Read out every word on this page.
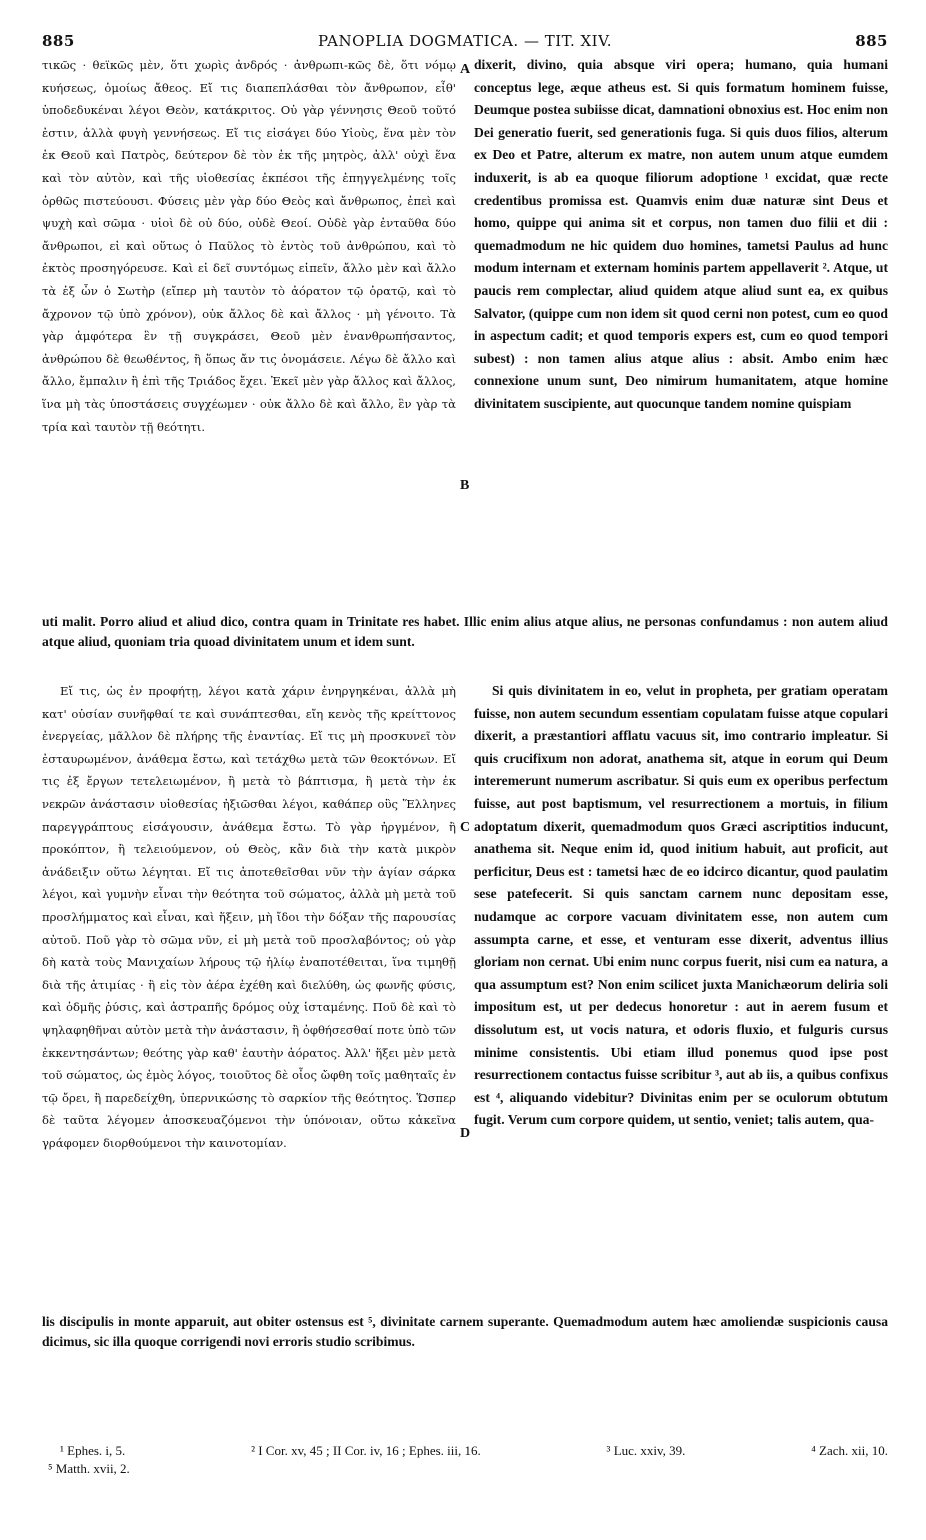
885	PANOPLIA DOGMATICA. — TIT. XIV.	885

τικῶς · θεϊκῶς μὲν, ὅτι χωρὶς ἀνδρός · ἀνθρωπι-κῶς δὲ, ὅτι νόμῳ κυήσεως, ὁμοίως ἄθεος. Εἴ τις διαπεπλάσθαι τὸν ἄνθρωπον, εἶθ' ὑποδεδυκέναι λέγοι Θεὸν, κατάκριτος. Οὐ γὰρ γέννησις Θεοῦ τοῦτό ἐστιν, ἀλλὰ φυγὴ γεννήσεως. Εἴ τις εἰσάγει δύο Υἱοὺς, ἕνα μὲν τὸν ἐκ Θεοῦ καὶ Πατρὸς, δεύτερον δὲ τὸν ἐκ τῆς μητρὸς, ἀλλ' οὐχὶ ἕνα καὶ τὸν αὐτὸν, καὶ τῆς υἱοθεσίας ἐκπέσοι τῆς ἐπηγγελμένης τοῖς ὀρθῶς πιστεύουσι. Φύσεις μὲν γὰρ δύο Θεὸς καὶ ἄνθρωπος, ἐπεὶ καὶ ψυχὴ καὶ σῶμα · υἱοὶ δὲ οὐ δύο, οὐδὲ Θεοί. Οὐδὲ γὰρ ἐνταῦθα δύο ἄνθρωποι, εἰ καὶ οὕτως ὁ Παῦλος τὸ ἐντὸς τοῦ ἀνθρώπου, καὶ τὸ ἐκτὸς προσηγόρευσε. Καὶ εἰ δεῖ συντόμως εἰπεῖν, ἄλλο μὲν καὶ ἄλλο τὰ ἐξ ὧν ὁ Σωτὴρ (εἴπερ μὴ ταυτὸν τὸ ἀόρατον τῷ ὁρατῷ, καὶ τὸ ἄχρονον τῷ ὑπὸ χρόνον), οὐκ ἄλλος δὲ καὶ ἄλλος · μὴ γένοιτο. Τὰ γὰρ ἀμφότερα ἓν τῇ συγκράσει, Θεοῦ μὲν ἐνανθρωπήσαντος, ἀνθρώπου δὲ θεωθέντος, ἢ ὅπως ἄν τις ὀνομάσειε. Λέγω δὲ ἄλλο καὶ ἄλλο, ἔμπαλιν ἢ ἐπὶ τῆς Τριάδος ἔχει. Ἐκεῖ μὲν γὰρ ἄλλος καὶ ἄλλος, ἵνα μὴ τὰς ὑποστάσεις συγχέωμεν · οὐκ ἄλλο δὲ καὶ ἄλλο, ἓν γὰρ τὰ τρία καὶ ταυτὸν τῇ θεότητι.

A
B

dixerit, divino, quia absque viri opera; humano, quia humani conceptus lege, æque atheus est. Si quis formatum hominem fuisse, Deumque postea subiisse dicat, damnationi obnoxius est. Hoc enim non Dei generatio fuerit, sed generationis fuga. Si quis duos filios, alterum ex Deo et Patre, alterum ex matre, non autem unum atque eumdem induxerit, is ab ea quoque filiorum adoptione ¹ excidat, quæ recte credentibus promissa est. Quamvis enim duæ naturæ sint Deus et homo, quippe qui anima sit et corpus, non tamen duo filii et dii : quemadmodum ne hic quidem duo homines, tametsi Paulus ad hunc modum internam et externam hominis partem appellaverit ². Atque, ut paucis rem complectar, aliud quidem atque aliud sunt ea, ex quibus Salvator, (quippe cum non idem sit quod cerni non potest, cum eo quod in aspectum cadit; et quod temporis expers est, cum eo quod tempori subest) : non tamen alius atque alius : absit. Ambo enim hæc connexione unum sunt, Deo nimirum humanitatem, atque homine divinitatem suscipiente, aut quocunque tandem nomine quispiam

uti malit. Porro aliud et aliud dico, contra quam in Trinitate res habet. Illic enim alius atque alius, ne personas confundamus : non autem aliud atque aliud, quoniam tria quoad divinitatem unum et idem sunt.

Εἴ τις, ὡς ἐν προφήτῃ, λέγοι κατὰ χάριν ἐνηργηκέναι, ἀλλὰ μὴ κατ' οὐσίαν συνῆφθαί τε καὶ συνάπτεσθαι, εἴη κενὸς τῆς κρείττονος ἐνεργείας, μᾶλλον δὲ πλήρης τῆς ἐναντίας. Εἴ τις μὴ προσκυνεῖ τὸν ἐσταυρωμένον, ἀνάθεμα ἔστω, καὶ τετάχθω μετὰ τῶν θεοκτόνων. Εἴ τις ἐξ ἔργων τετελειωμένον, ἢ μετὰ τὸ βάπτισμα, ἢ μετὰ τὴν ἐκ νεκρῶν ἀνάστασιν υἱοθεσίας ἠξιῶσθαι λέγοι, καθάπερ οὓς Ἕλληνες παρεγγράπτους εἰσάγουσιν, ἀνάθεμα ἔστω. Τὸ γὰρ ἠργμένον, ἢ προκόπτον, ἢ τελειούμενον, οὐ Θεὸς, κἂν διὰ τὴν κατὰ μικρὸν ἀνάδειξιν οὕτω λέγηται. Εἴ τις ἀποτεθεῖσθαι νῦν τὴν ἁγίαν σάρκα λέγοι, καὶ γυμνὴν εἶναι τὴν θεότητα τοῦ σώματος, ἀλλὰ μὴ μετὰ τοῦ προσλήμματος καὶ εἶναι, καὶ ἥξειν, μὴ ἴδοι τὴν δόξαν τῆς παρουσίας αὐτοῦ. Ποῦ γὰρ τὸ σῶμα νῦν, εἰ μὴ μετὰ τοῦ προσλαβόντος; οὐ γὰρ δὴ κατὰ τοὺς Μανιχαίων λήρους τῷ ἡλίῳ ἐναποτέθειται, ἵνα τιμηθῇ διὰ τῆς ἀτιμίας · ἢ εἰς τὸν ἀέρα ἐχέθη καὶ διελύθη, ὡς φωνῆς φύσις, καὶ ὀδμῆς ῥύσις, καὶ ἀστραπῆς δρόμος οὐχ ἱσταμένης. Ποῦ δὲ καὶ τὸ ψηλαφηθῆναι αὐτὸν μετὰ τὴν ἀνάστασιν, ἢ ὀφθήσεσθαί ποτε ὑπὸ τῶν ἐκκεντησάντων; θεότης γὰρ καθ' ἑαυτὴν ἀόρατος. Ἀλλ' ἥξει μὲν μετὰ τοῦ σώματος, ὡς ἐμὸς λόγος, τοιοῦτος δὲ οἷος ὤφθη τοῖς μαθηταῖς ἐν τῷ ὄρει, ἢ παρεδείχθη, ὑπερνικώσης τὸ σαρκίον τῆς θεότητος. Ὥσπερ δὲ ταῦτα λέγομεν ἀποσκευαζόμενοι τὴν ὑπόνοιαν, οὕτω κἀκεῖνα γράφομεν διορθούμενοι τὴν καινοτομίαν.

C
D

Si quis divinitatem in eo, velut in propheta, per gratiam operatam fuisse, non autem secundum essentiam copulatam fuisse atque copulari dixerit, a præstantiori afflatu vacuus sit, imo contrario impleatur. Si quis crucifixum non adorat, anathema sit, atque in eorum qui Deum interemerunt numerum ascribatur. Si quis eum ex operibus perfectum fuisse, aut post baptismum, vel resurrectionem a mortuis, in filium adoptatum dixerit, quemadmodum quos Græci ascriptitios inducunt, anathema sit. Neque enim id, quod initium habuit, aut proficit, aut perficitur, Deus est : tametsi hæc de eo idcirco dicantur, quod paulatim sese patefecerit. Si quis sanctam carnem nunc depositam esse, nudamque ac corpore vacuam divinitatem esse, non autem cum assumpta carne, et esse, et venturam esse dixerit, adventus illius gloriam non cernat. Ubi enim nunc corpus fuerit, nisi cum ea natura, a qua assumptum est? Non enim scilicet juxta Manichæorum deliria soli impositum est, ut per dedecus honoretur : aut in aerem fusum et dissolutum est, ut vocis natura, et odoris fluxio, et fulguris cursus minime consistentis. Ubi etiam illud ponemus quod ipse post resurrectionem contactus fuisse scribitur ³, aut ab iis, a quibus confixus est ⁴, aliquando videbitur? Divinitas enim per se oculorum obtutum fugit. Verum cum corpore quidem, ut sentio, veniet; talis autem, qua-

lis discipulis in monte apparuit, aut obiter ostensus est ⁵, divinitate carnem superante. Quemadmodum autem hæc amoliendæ suspicionis causa dicimus, sic illa quoque corrigendi novi erroris studio scribimus.

¹ Ephes. i, 5.	² I Cor. xv, 45 ; II Cor. iv, 16 ; Ephes. iii, 16.	³ Luc. xxiv, 39.	⁴ Zach. xii, 10.
⁵ Matth. xvii, 2.
